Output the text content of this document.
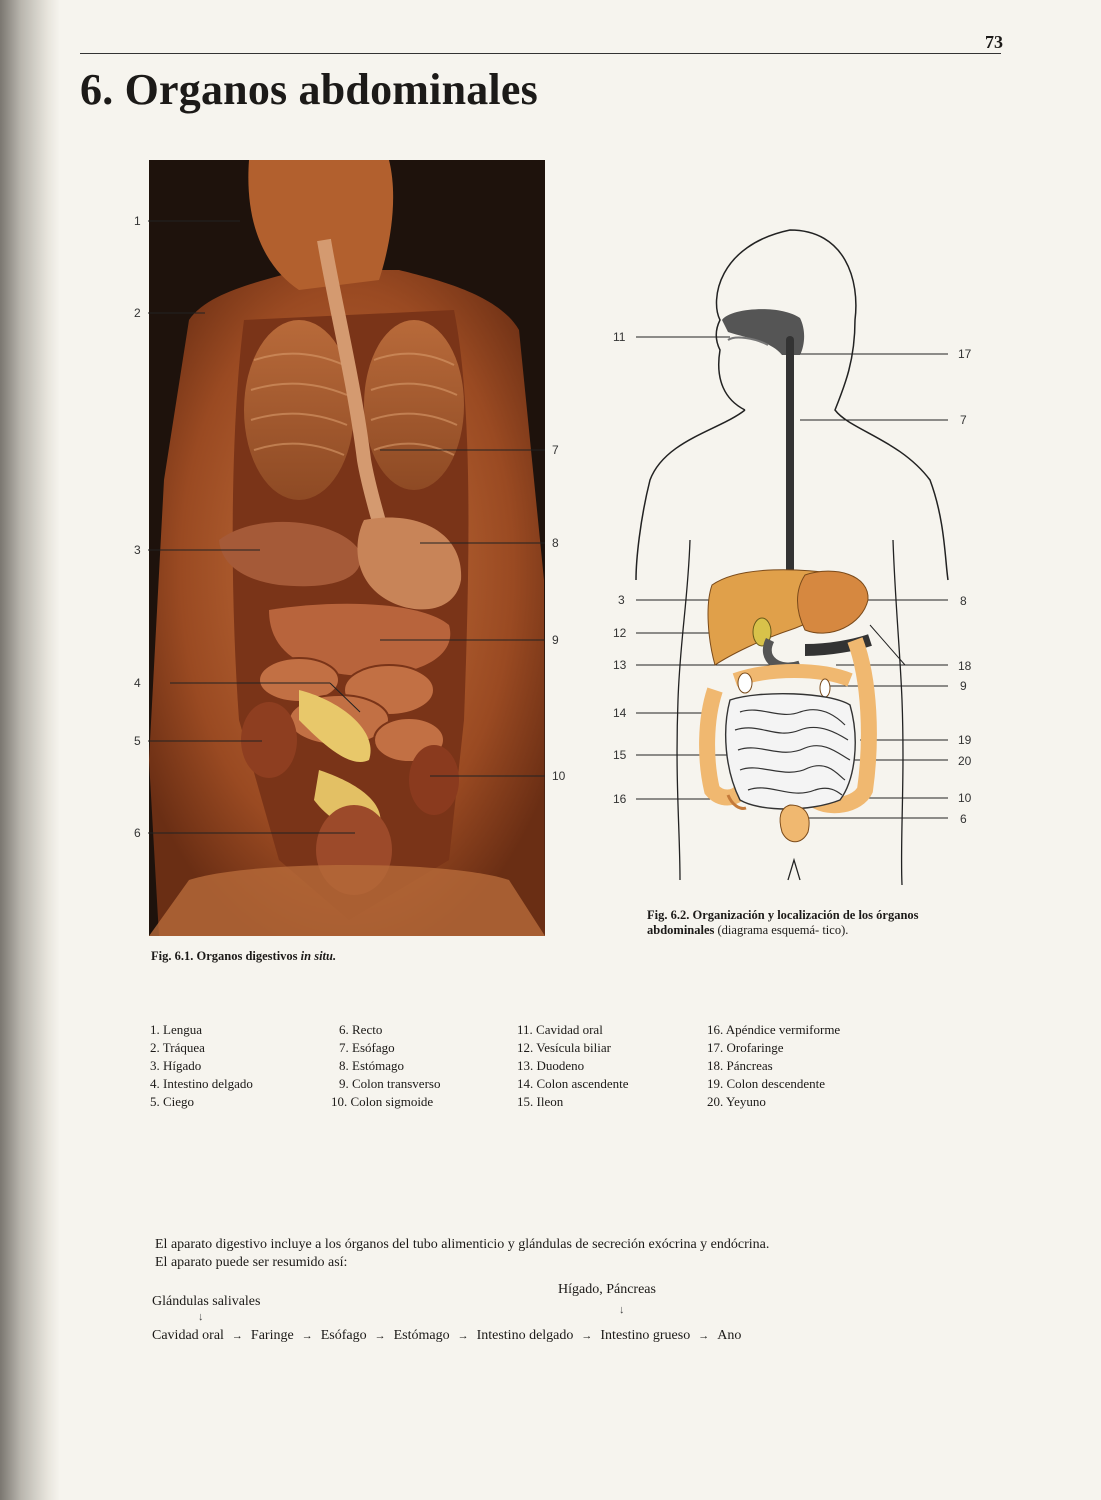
73
6. Organos abdominales
1
2
3
4
5
6
7
8
9
10
Fig. 6.1. Organos digestivos in situ.
11
3
12
13
14
15
16
17
7
8
18
9
19
20
10
6
Fig. 6.2. Organización y localización de los órganos abdominales (diagrama esquemá- tico).
1. Lengua
2. Tráquea
3. Hígado
4. Intestino delgado
5. Ciego
6. Recto
7. Esófago
8. Estómago
9. Colon transverso
10. Colon sigmoide
11. Cavidad oral
12. Vesícula biliar
13. Duodeno
14. Colon ascendente
15. Ileon
16. Apéndice vermiforme
17. Orofaringe
18. Páncreas
19. Colon descendente
20. Yeyuno
El aparato digestivo incluye a los órganos del tubo alimenticio y glándulas de secreción exócrina y endócrina.
El aparato puede ser resumido así:
Glándulas salivales
Hígado, Páncreas
↓
↓
Cavidad oral → Faringe → Esófago → Estómago → Intestino delgado → Intestino grueso → Ano
